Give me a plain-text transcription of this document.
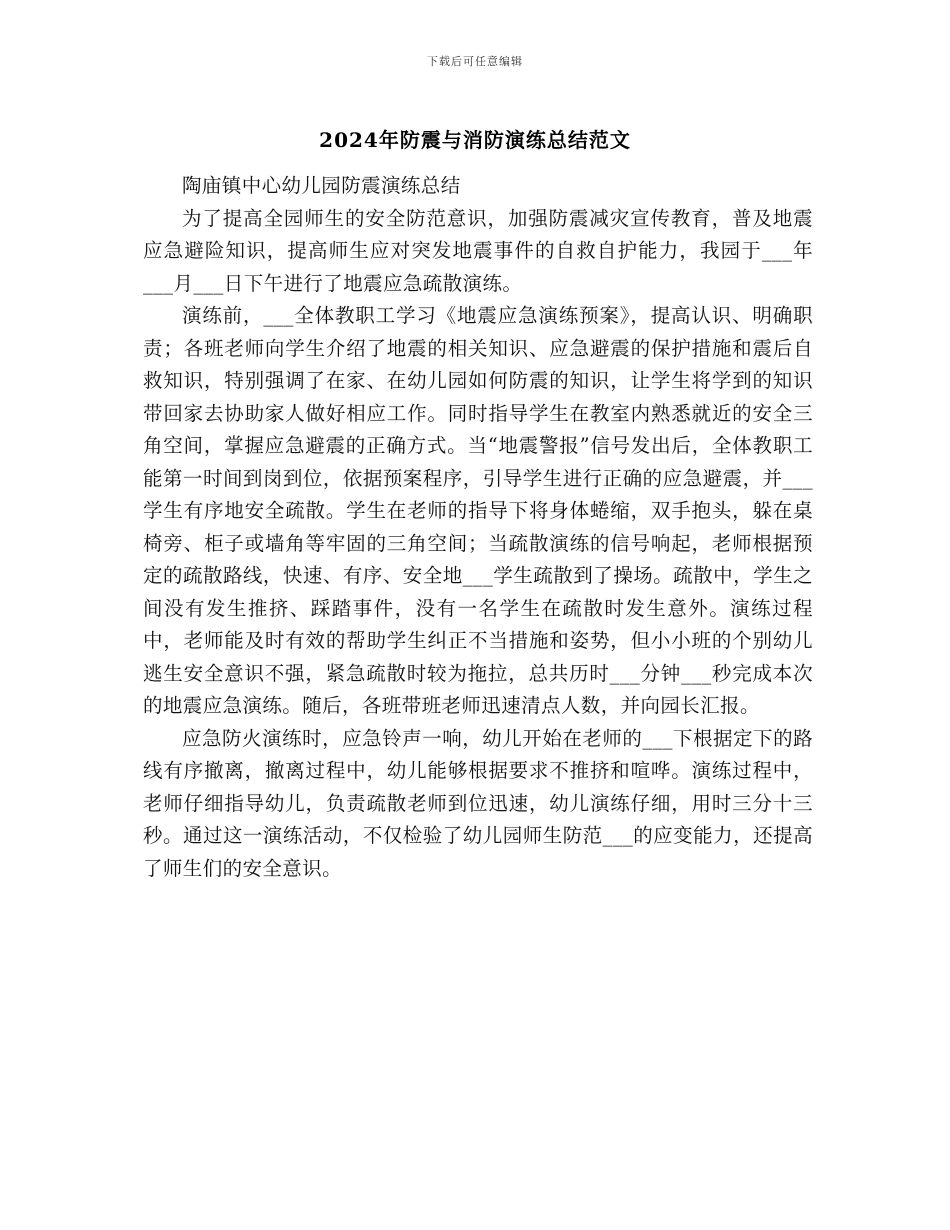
下载后可任意编辑
2024年防震与消防演练总结范文

陶庙镇中心幼儿园防震演练总结

为了提高全园师生的安全防范意识，加强防震减灾宣传教育，普及地震应急避险知识，提高师生应对突发地震事件的自救自护能力，我园于___年___月___日下午进行了地震应急疏散演练。

演练前，___全体教职工学习《地震应急演练预案》，提高认识、明确职责；各班老师向学生介绍了地震的相关知识、应急避震的保护措施和震后自救知识，特别强调了在家、在幼儿园如何防震的知识，让学生将学到的知识带回家去协助家人做好相应工作。同时指导学生在教室内熟悉就近的安全三角空间，掌握应急避震的正确方式。当“地震警报”信号发出后，全体教职工能第一时间到岗到位，依据预案程序，引导学生进行正确的应急避震，并___学生有序地安全疏散。学生在老师的指导下将身体蜷缩，双手抱头，躲在桌椅旁、柜子或墙角等牢固的三角空间；当疏散演练的信号响起，老师根据预定的疏散路线，快速、有序、安全地___学生疏散到了操场。疏散中，学生之间没有发生推挤、踩踏事件，没有一名学生在疏散时发生意外。演练过程中，老师能及时有效的帮助学生纠正不当措施和姿势，但小小班的个别幼儿逃生安全意识不强，紧急疏散时较为拖拉，总共历时___分钟___秒完成本次的地震应急演练。随后，各班带班老师迅速清点人数，并向园长汇报。

应急防火演练时，应急铃声一响，幼儿开始在老师的___下根据定下的路线有序撤离，撤离过程中，幼儿能够根据要求不推挤和喧哗。演练过程中，老师仔细指导幼儿，负责疏散老师到位迅速，幼儿演练仔细，用时三分十三秒。通过这一演练活动，不仅检验了幼儿园师生防范___的应变能力，还提高了师生们的安全意识。
